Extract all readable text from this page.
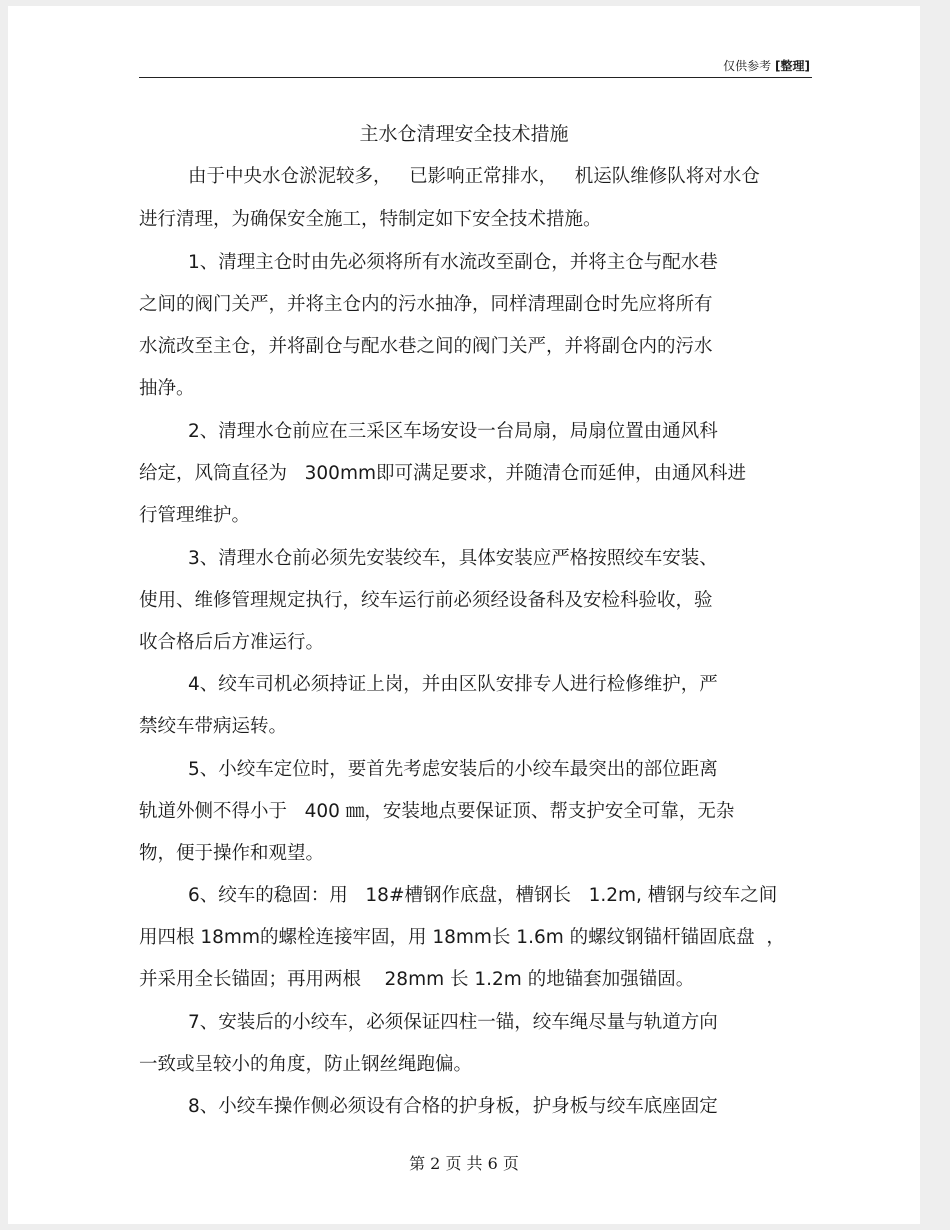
仅供参考 [整理]
主水仓清理安全技术措施
由于中央水仓淤泥较多，   已影响正常排水，   机运队维修队将对水仓
进行清理，为确保安全施工，特制定如下安全技术措施。
1、清理主仓时由先必须将所有水流改至副仓，并将主仓与配水巷
之间的阀门关严，并将主仓内的污水抽净，同样清理副仓时先应将所有
水流改至主仓，并将副仓与配水巷之间的阀门关严，并将副仓内的污水
抽净。
2、清理水仓前应在三采区车场安设一台局扇，局扇位置由通风科
给定，风筒直径为   300mm即可满足要求，并随清仓而延伸，由通风科进
行管理维护。
3、清理水仓前必须先安装绞车，具体安装应严格按照绞车安装、
使用、维修管理规定执行，绞车运行前必须经设备科及安检科验收，验
收合格后后方准运行。
4、绞车司机必须持证上岗，并由区队安排专人进行检修维护，严
禁绞车带病运转。
5、小绞车定位时，要首先考虑安装后的小绞车最突出的部位距离
轨道外侧不得小于   400 ㎜，安装地点要保证顶、帮支护安全可靠，无杂
物，便于操作和观望。
6、绞车的稳固：用   18#槽钢作底盘，槽钢长   1.2m, 槽钢与绞车之间
用四根 18mm的螺栓连接牢固，用 18mm长 1.6m 的螺纹钢锚杆锚固底盘  ，
并采用全长锚固；再用两根    28mm 长 1.2m 的地锚套加强锚固。
7、安装后的小绞车，必须保证四柱一锚，绞车绳尽量与轨道方向
一致或呈较小的角度，防止钢丝绳跑偏。
8、小绞车操作侧必须设有合格的护身板，护身板与绞车底座固定
第 2 页 共 6 页
